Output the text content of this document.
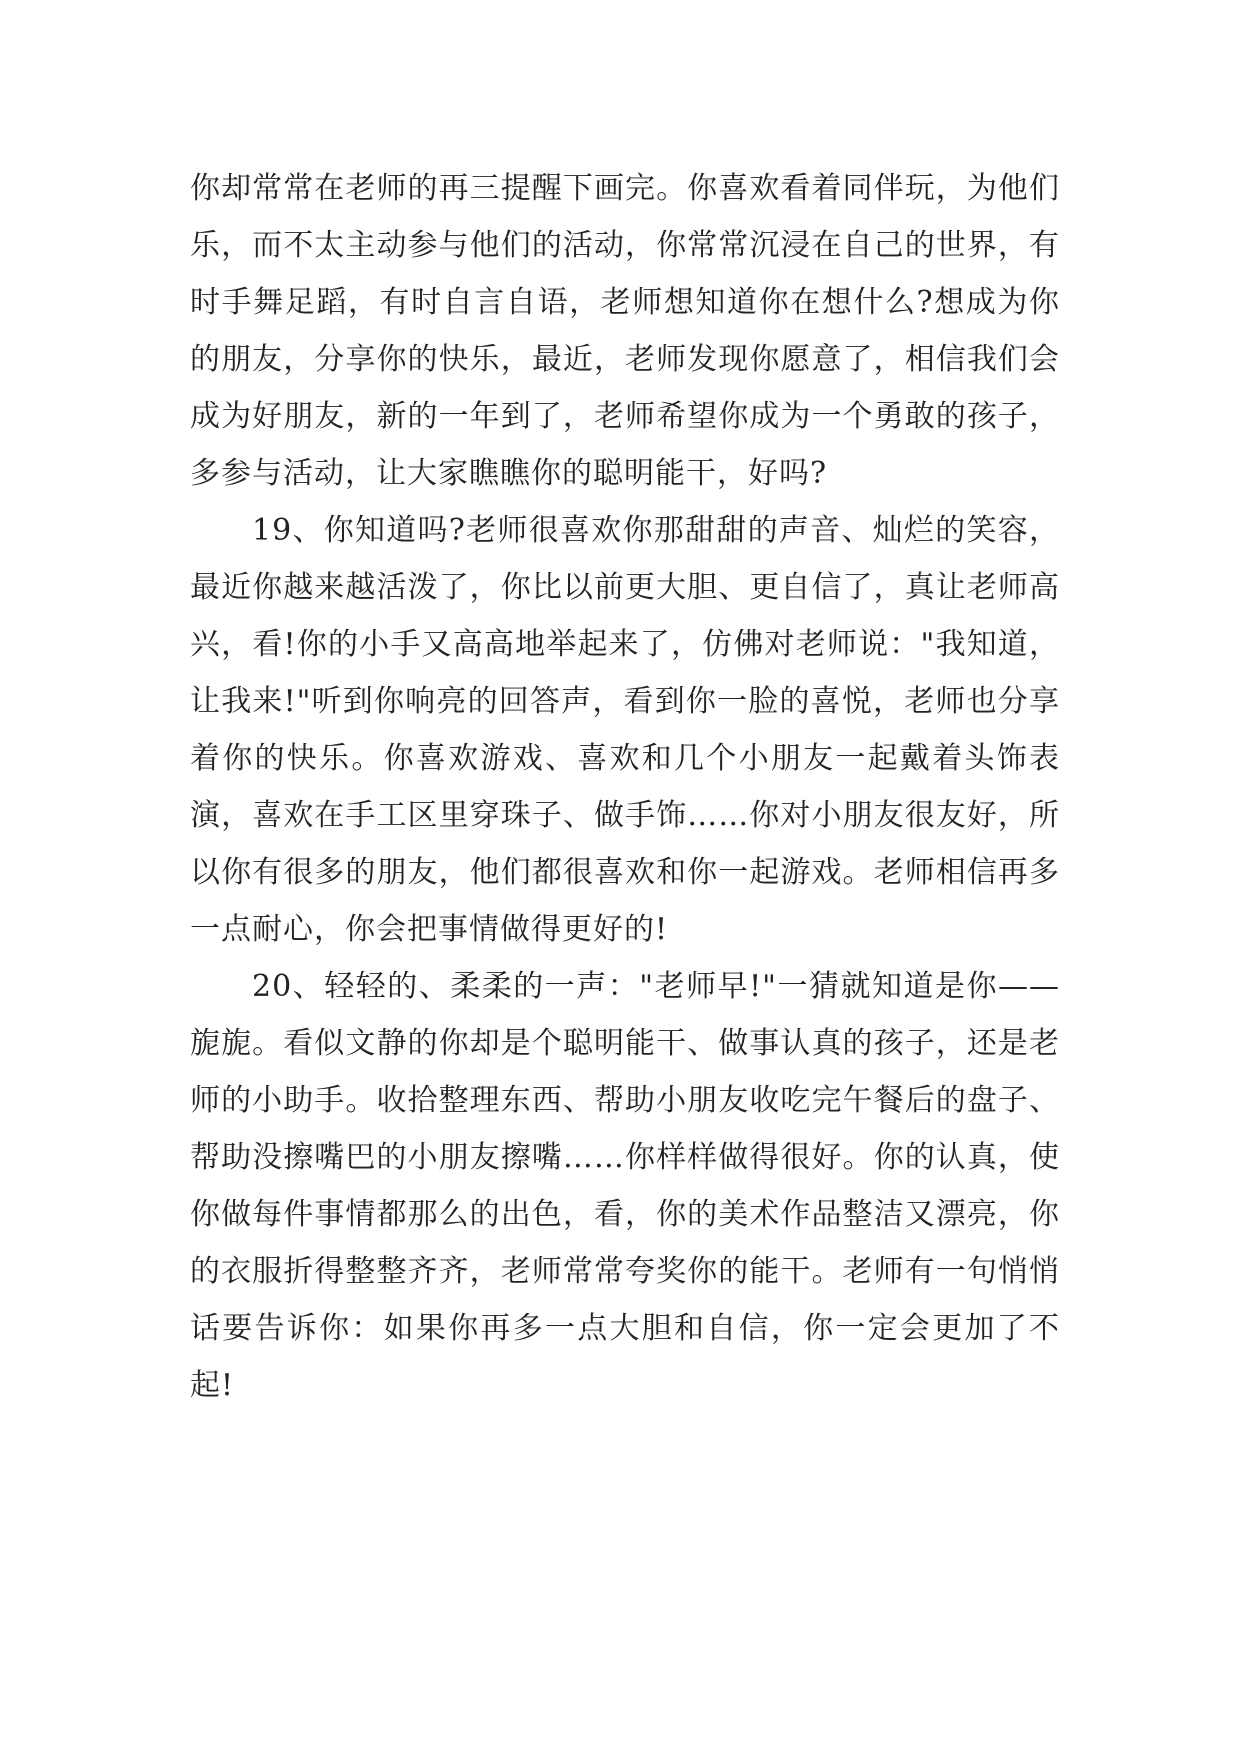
你却常常在老师的再三提醒下画完。你喜欢看着同伴玩，为他们乐，而不太主动参与他们的活动，你常常沉浸在自己的世界，有时手舞足蹈，有时自言自语，老师想知道你在想什么?想成为你的朋友，分享你的快乐，最近，老师发现你愿意了，相信我们会成为好朋友，新的一年到了，老师希望你成为一个勇敢的孩子，多参与活动，让大家瞧瞧你的聪明能干，好吗?

19、你知道吗?老师很喜欢你那甜甜的声音、灿烂的笑容，最近你越来越活泼了，你比以前更大胆、更自信了，真让老师高兴，看!你的小手又高高地举起来了，仿佛对老师说："我知道，让我来!"听到你响亮的回答声，看到你一脸的喜悦，老师也分享着你的快乐。你喜欢游戏、喜欢和几个小朋友一起戴着头饰表演，喜欢在手工区里穿珠子、做手饰……你对小朋友很友好，所以你有很多的朋友，他们都很喜欢和你一起游戏。老师相信再多一点耐心，你会把事情做得更好的!

20、轻轻的、柔柔的一声："老师早!"一猜就知道是你——旎旎。看似文静的你却是个聪明能干、做事认真的孩子，还是老师的小助手。收拾整理东西、帮助小朋友收吃完午餐后的盘子、帮助没擦嘴巴的小朋友擦嘴……你样样做得很好。你的认真，使你做每件事情都那么的出色，看，你的美术作品整洁又漂亮，你的衣服折得整整齐齐，老师常常夸奖你的能干。老师有一句悄悄话要告诉你：如果你再多一点大胆和自信，你一定会更加了不起!
